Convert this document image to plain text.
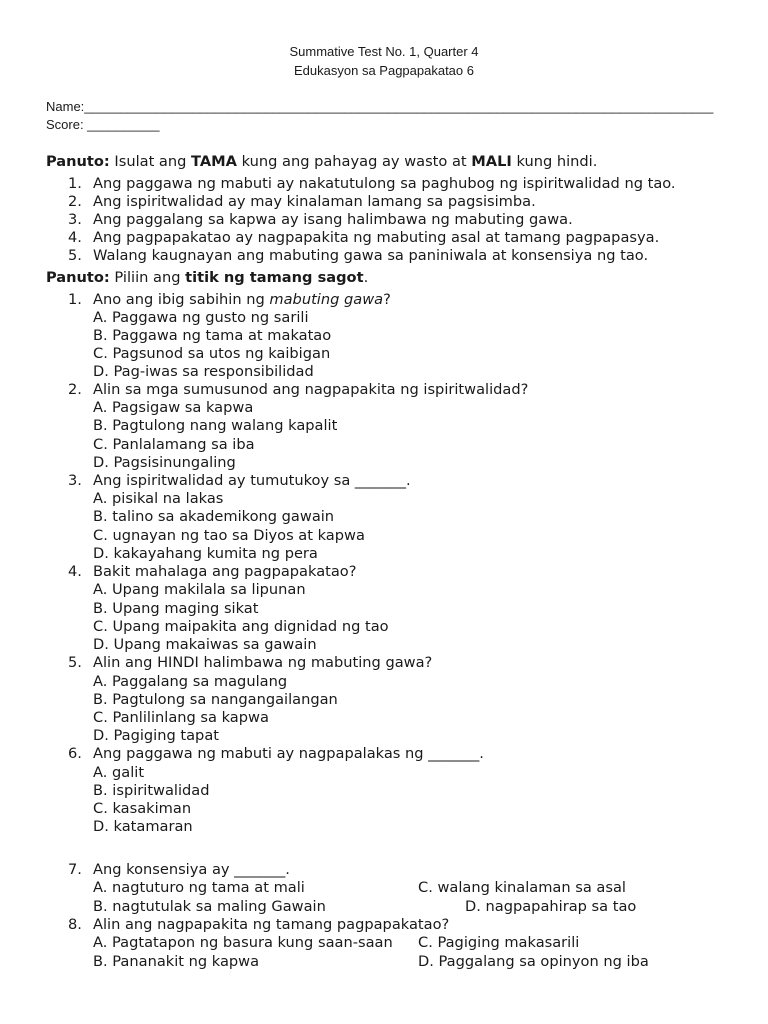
Summative Test No. 1, Quarter 4
Edukasyon sa Pagpapakatao 6
Name:_______________________________________________________________________________________
Score: __________
Panuto: Isulat ang TAMA kung ang pahayag ay wasto at MALI kung hindi.
1. Ang paggawa ng mabuti ay nakatutulong sa paghubog ng ispiritwalidad ng tao.
2. Ang ispiritwalidad ay may kinalaman lamang sa pagsisimba.
3. Ang paggalang sa kapwa ay isang halimbawa ng mabuting gawa.
4. Ang pagpapakatao ay nagpapakita ng mabuting asal at tamang pagpapasya.
5. Walang kaugnayan ang mabuting gawa sa paniniwala at konsensiya ng tao.
Panuto: Piliin ang titik ng tamang sagot.
1. Ano ang ibig sabihin ng mabuting gawa?
A. Paggawa ng gusto ng sarili
B. Paggawa ng tama at makatao
C. Pagsunod sa utos ng kaibigan
D. Pag-iwas sa responsibilidad
2. Alin sa mga sumusunod ang nagpapakita ng ispiritwalidad?
A. Pagsigaw sa kapwa
B. Pagtulong nang walang kapalit
C. Panlalamang sa iba
D. Pagsisinungaling
3. Ang ispiritwalidad ay tumutukoy sa _______.
A. pisikal na lakas
B. talino sa akademikong gawain
C. ugnayan ng tao sa Diyos at kapwa
D. kakayahang kumita ng pera
4. Bakit mahalaga ang pagpapakatao?
A. Upang makilala sa lipunan
B. Upang maging sikat
C. Upang maipakita ang dignidad ng tao
D. Upang makaiwas sa gawain
5. Alin ang HINDI halimbawa ng mabuting gawa?
A. Paggalang sa magulang
B. Pagtulong sa nangangailangan
C. Panlilinlang sa kapwa
D. Pagiging tapat
6. Ang paggawa ng mabuti ay nagpapalakas ng _______.
A. galit
B. ispiritwalidad
C. kasakiman
D. katamaran
7. Ang konsensiya ay _______.
A. nagtuturo ng tama at mali	C. walang kinalaman sa asal
B. nagtutulak sa maling Gawain	D. nagpapahirap sa tao
8. Alin ang nagpapakita ng tamang pagpapakatao?
A. Pagtatapon ng basura kung saan-saan C. Pagiging makasarili
B. Pananakit ng kapwa	D. Paggalang sa opinyon ng iba
